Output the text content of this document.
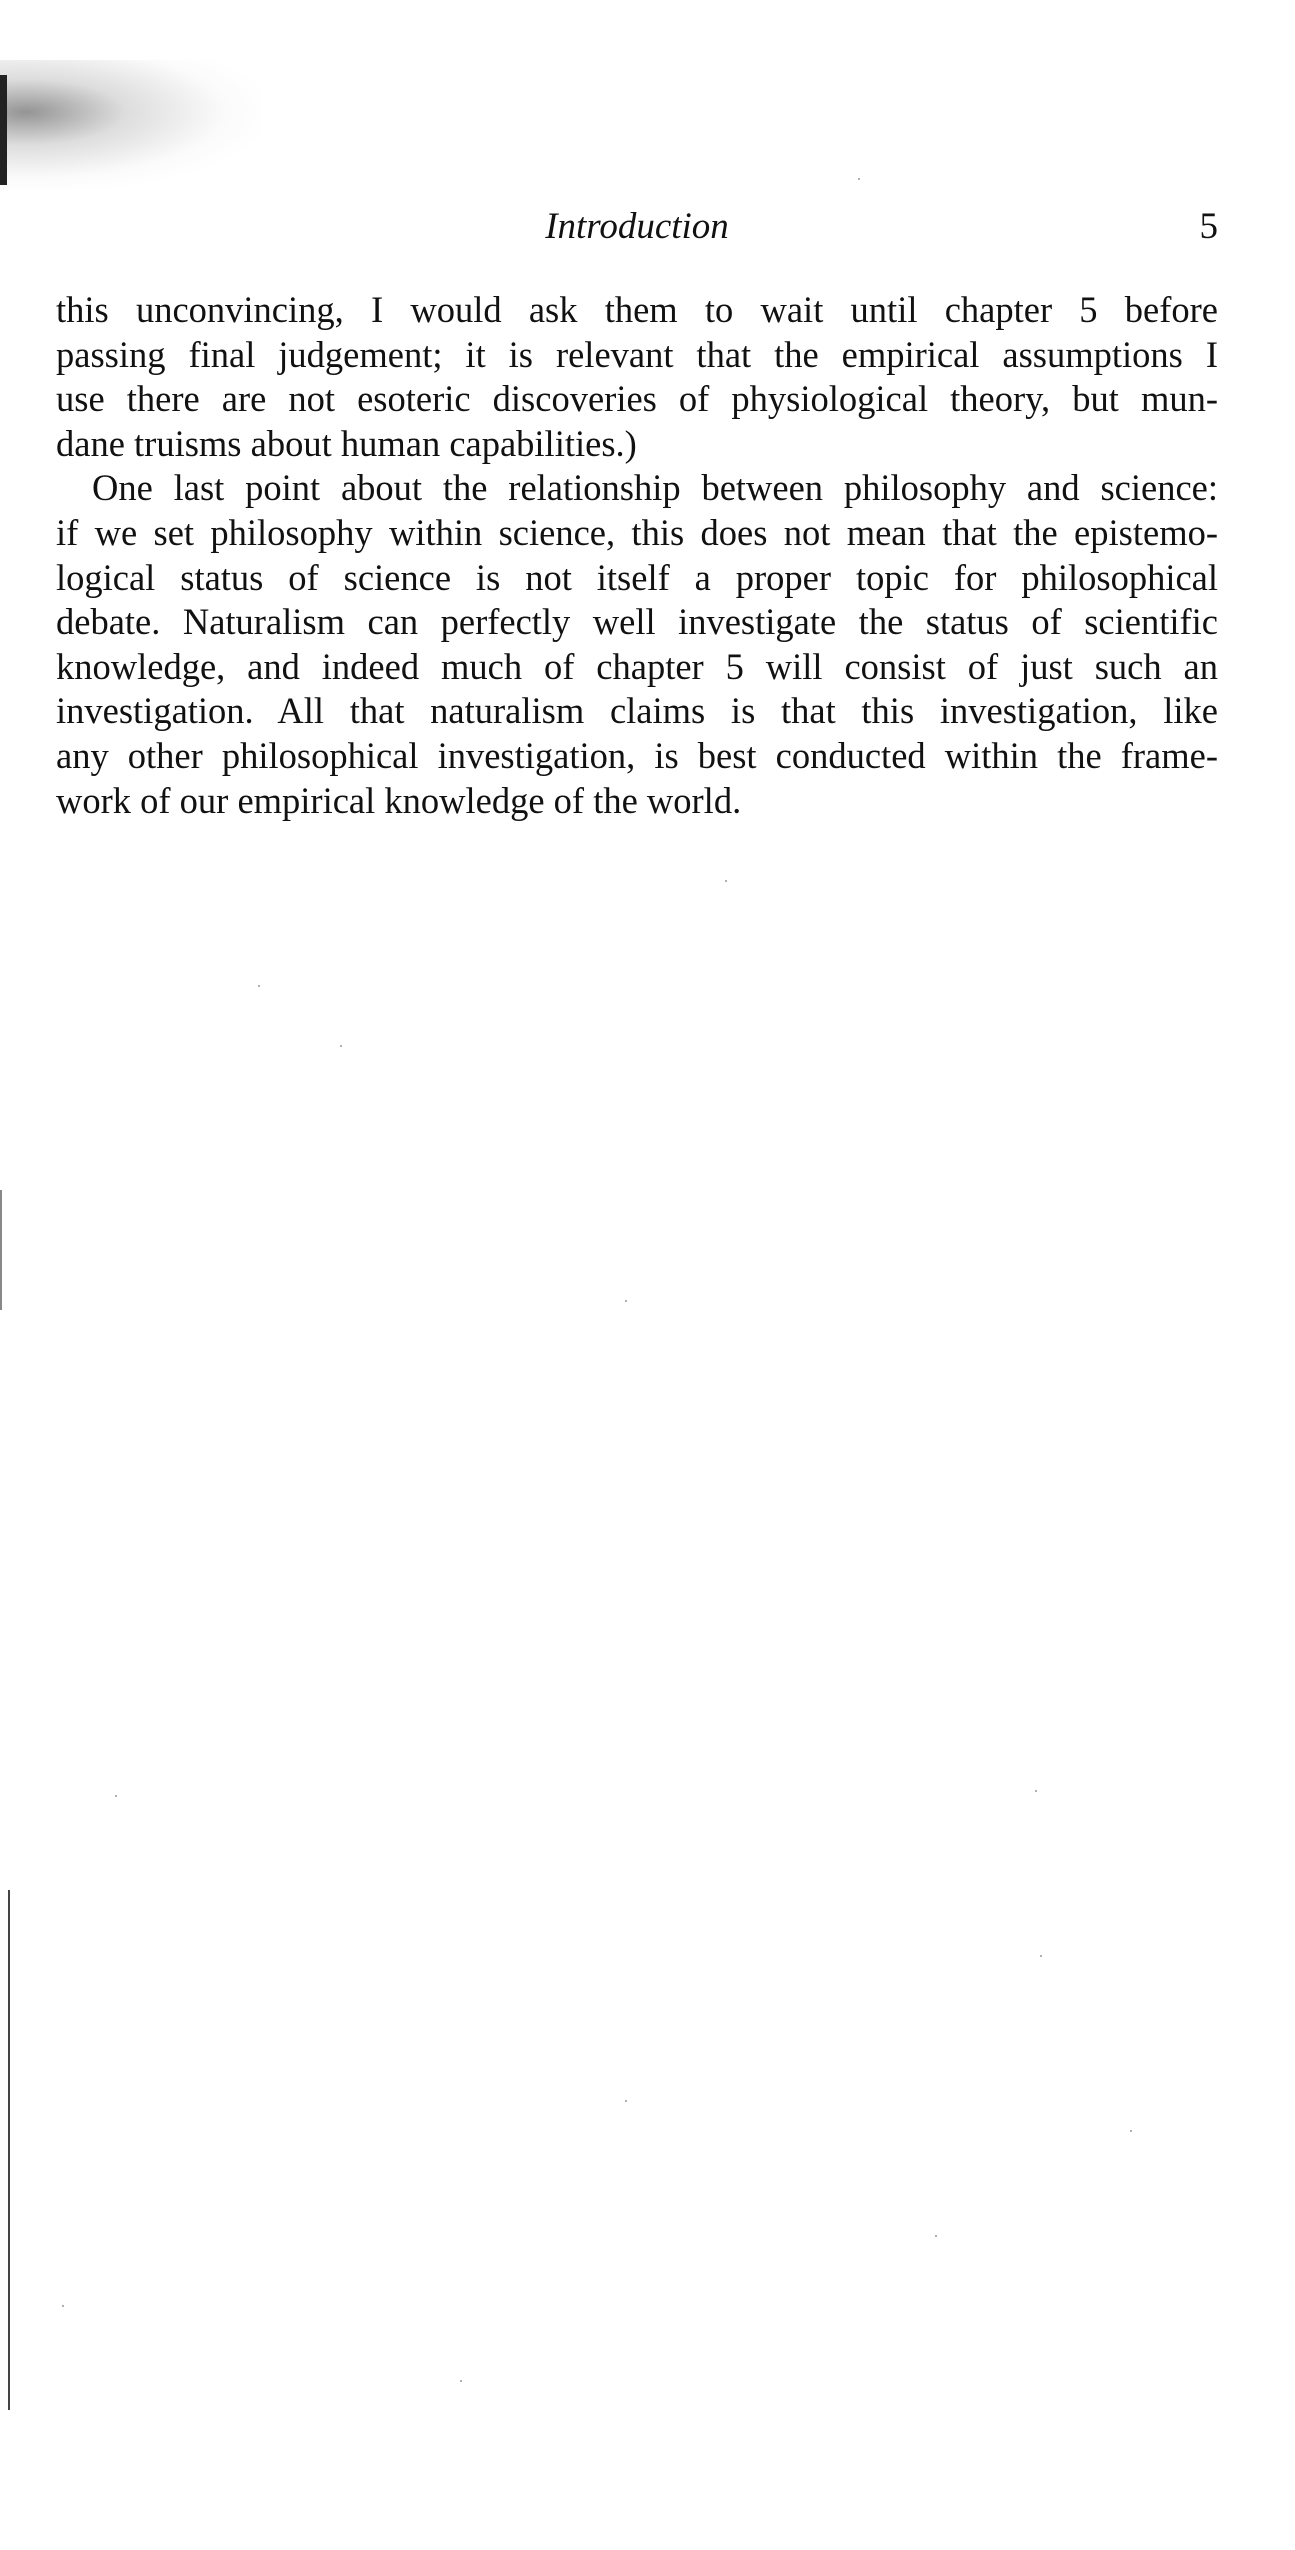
Introduction	5

this unconvincing, I would ask them to wait until chapter 5 before
passing final judgement; it is relevant that the empirical assumptions I
use there are not esoteric discoveries of physiological theory, but mun-
dane truisms about human capabilities.)

One last point about the relationship between philosophy and science:
if we set philosophy within science, this does not mean that the epistemo-
logical status of science is not itself a proper topic for philosophical
debate. Naturalism can perfectly well investigate the status of scientific
knowledge, and indeed much of chapter 5 will consist of just such an
investigation. All that naturalism claims is that this investigation, like
any other philosophical investigation, is best conducted within the frame-
work of our empirical knowledge of the world.
